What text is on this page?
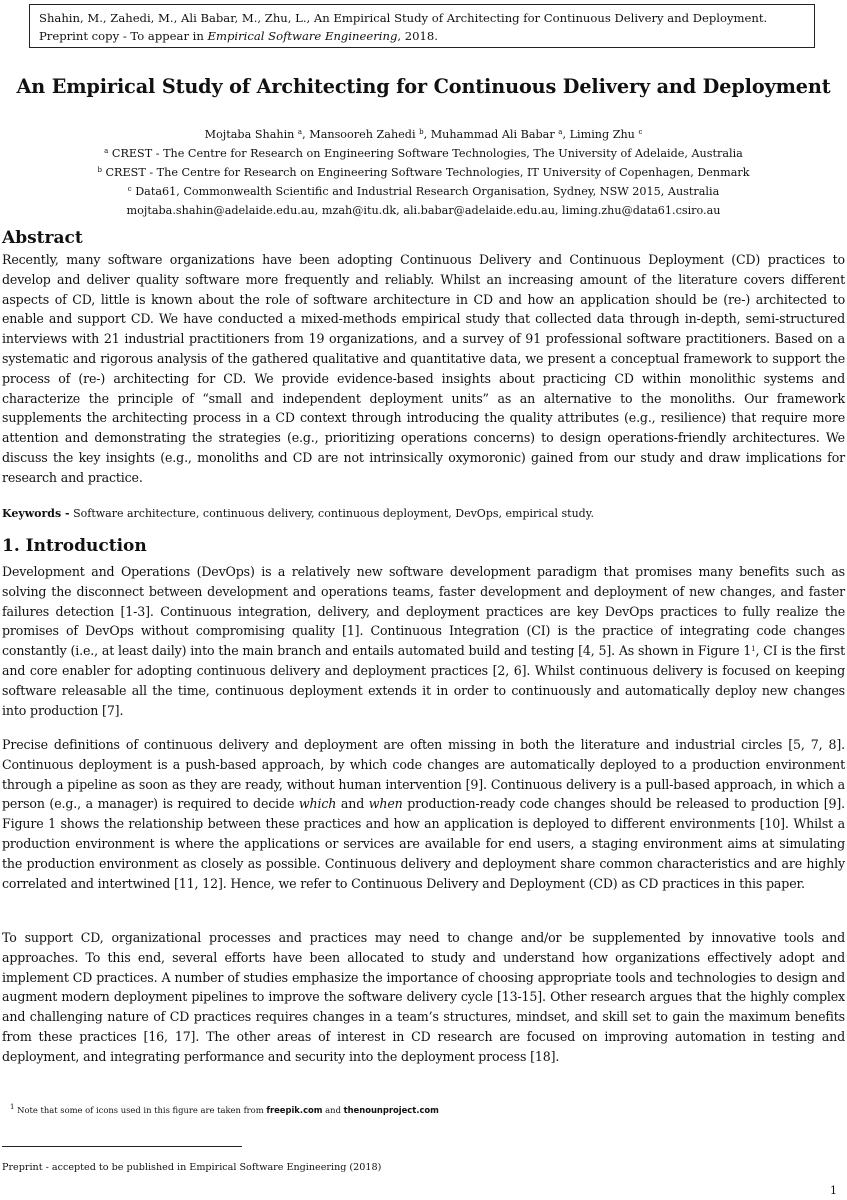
Shahin, M., Zahedi, M., Ali Babar, M., Zhu, L., An Empirical Study of Architecting for Continuous Delivery and Deployment.
Preprint copy - To appear in Empirical Software Engineering, 2018.
An Empirical Study of Architecting for Continuous Delivery and Deployment
Mojtaba Shahin $^a$, Mansooreh Zahedi $^b$, Muhammad Ali Babar $^a$, Liming Zhu $^c$
$^a$ CREST - The Centre for Research on Engineering Software Technologies, The University of Adelaide, Australia
$^b$ CREST - The Centre for Research on Engineering Software Technologies, IT University of Copenhagen, Denmark
$^c$ Data61, Commonwealth Scientific and Industrial Research Organisation, Sydney, NSW 2015, Australia
mojtaba.shahin@adelaide.edu.au, mzah@itu.dk, ali.babar@adelaide.edu.au, liming.zhu@data61.csiro.au
Abstract

Recently, many software organizations have been adopting Continuous Delivery and Continuous Deployment (CD) practices to develop and deliver quality software more frequently and reliably. Whilst an increasing amount of the literature covers different aspects of CD, little is known about the role of software architecture in CD and how an application should be (re-) architected to enable and support CD. We have conducted a mixed-methods empirical study that collected data through in-depth, semi-structured interviews with 21 industrial practitioners from 19 organizations, and a survey of 91 professional software practitioners. Based on a systematic and rigorous analysis of the gathered qualitative and quantitative data, we present a conceptual framework to support the process of (re-) architecting for CD. We provide evidence-based insights about practicing CD within monolithic systems and characterize the principle of “small and independent deployment units” as an alternative to the monoliths. Our framework supplements the architecting process in a CD context through introducing the quality attributes (e.g., resilience) that require more attention and demonstrating the strategies (e.g., prioritizing operations concerns) to design operations-friendly architectures. We discuss the key insights (e.g., monoliths and CD are not intrinsically oxymoronic) gained from our study and draw implications for research and practice.

Keywords - Software architecture, continuous delivery, continuous deployment, DevOps, empirical study.
1. Introduction

Development and Operations (DevOps) is a relatively new software development paradigm that promises many benefits such as solving the disconnect between development and operations teams, faster development and deployment of new changes, and faster failures detection [1-3]. Continuous integration, delivery, and deployment practices are key DevOps practices to fully realize the promises of DevOps without compromising quality [1]. Continuous Integration (CI) is the practice of integrating code changes constantly (i.e., at least daily) into the main branch and entails automated build and testing [4, 5]. As shown in Figure $1^1$, CI is the first and core enabler for adopting continuous delivery and deployment practices [2, 6]. Whilst continuous delivery is focused on keeping software releasable all the time, continuous deployment extends it in order to continuously and automatically deploy new changes into production [7].

Precise definitions of continuous delivery and deployment are often missing in both the literature and industrial circles [5, 7, 8]. Continuous deployment is a push-based approach, by which code changes are automatically deployed to a production environment through a pipeline as soon as they are ready, without human intervention [9]. Continuous delivery is a pull-based approach, in which a person (e.g., a manager) is required to decide which and when production-ready code changes should be released to production [9]. Figure 1 shows the relationship between these practices and how an application is deployed to different environments [10]. Whilst a production environment is where the applications or services are available for end users, a staging environment aims at simulating the production environment as closely as possible. Continuous delivery and deployment share common characteristics and are highly correlated and intertwined [11, 12]. Hence, we refer to Continuous Delivery and Deployment (CD) as CD practices in this paper.

To support CD, organizational processes and practices may need to change and/or be supplemented by innovative tools and approaches. To this end, several efforts have been allocated to study and understand how organizations effectively adopt and implement CD practices. A number of studies emphasize the importance of choosing appropriate tools and technologies to design and augment modern deployment pipelines to improve the software delivery cycle [13-15]. Other research argues that the highly complex and challenging nature of CD practices requires changes in a team’s structures, mindset, and skill set to gain the maximum benefits from these practices [16, 17]. The other areas of interest in CD research are focused on improving automation in testing and deployment, and integrating performance and security into the deployment process [18].

$^1$ Note that some of icons used in this figure are taken from freepik.com and thenounproject.com
Preprint - accepted to be published in Empirical Software Engineering (2018)
1
